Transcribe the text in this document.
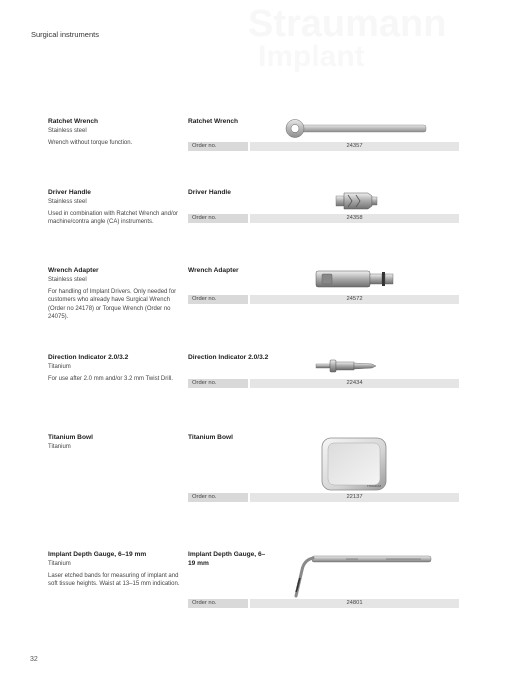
Surgical instruments	Straumann
Implant
Ratchet Wrench
Stainless steel
Wrench without torque function.
Ratchet Wrench
Order no.	24357
Driver Handle
Stainless steel
Used in combination with Ratchet Wrench and/or machine/contra angle (CA) instruments.
Driver Handle
Order no.	24358
Wrench Adapter
Stainless steel
For handling of Implant Drivers. Only needed for customers who already have Surgical Wrench (Order no 24178) or Torque Wrench (Order no 24075).
Wrench Adapter
Order no.	24572
Direction Indicator 2.0/3.2
Titanium
For use after 2.0 mm and/or 3.2 mm Twist Drill.
Direction Indicator 2.0/3.2
Order no.	22434
Titanium Bowl
Titanium
Titanium Bowl
TITANIUM
Order no.	22137
Implant Depth Gauge, 6–19 mm
Titanium
Laser etched bands for measuring of implant and soft tissue heights. Waist at 13–15 mm indication.
Implant Depth Gauge, 6–19 mm
Order no.	24801
32
